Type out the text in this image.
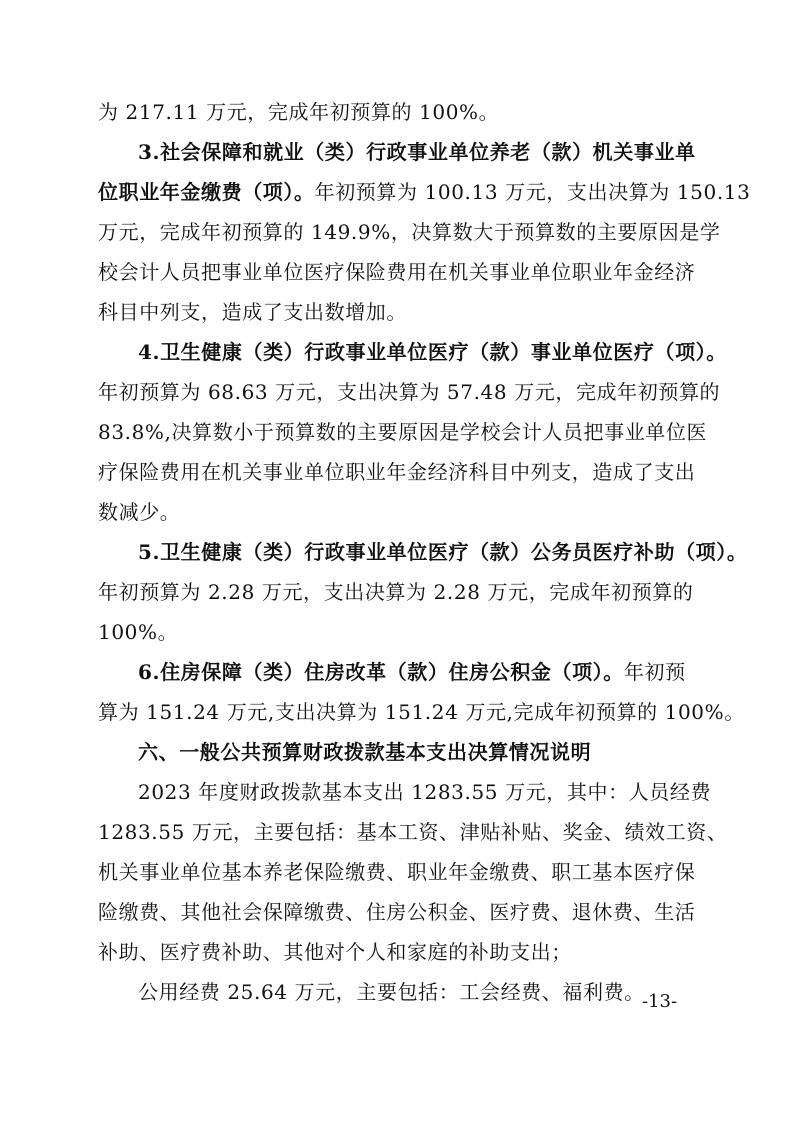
为 217.11 万元，完成年初预算的 100%。
3.社会保障和就业（类）行政事业单位养老（款）机关事业单
位职业年金缴费（项）。年初预算为 100.13 万元，支出决算为 150.13
万元，完成年初预算的 149.9%，决算数大于预算数的主要原因是学
校会计人员把事业单位医疗保险费用在机关事业单位职业年金经济
科目中列支，造成了支出数增加。
4.卫生健康（类）行政事业单位医疗（款）事业单位医疗（项）。
年初预算为 68.63 万元，支出决算为 57.48 万元，完成年初预算的
83.8%,决算数小于预算数的主要原因是学校会计人员把事业单位医
疗保险费用在机关事业单位职业年金经济科目中列支，造成了支出
数减少。
5.卫生健康（类）行政事业单位医疗（款）公务员医疗补助（项）。
年初预算为 2.28 万元，支出决算为 2.28 万元，完成年初预算的
100%。
6.住房保障（类）住房改革（款）住房公积金（项）。年初预
算为 151.24 万元,支出决算为 151.24 万元,完成年初预算的 100%。
六、一般公共预算财政拨款基本支出决算情况说明
2023 年度财政拨款基本支出 1283.55 万元，其中：人员经费
1283.55 万元，主要包括：基本工资、津贴补贴、奖金、绩效工资、
机关事业单位基本养老保险缴费、职业年金缴费、职工基本医疗保
险缴费、其他社会保障缴费、住房公积金、医疗费、退休费、生活
补助、医疗费补助、其他对个人和家庭的补助支出；
公用经费 25.64 万元，主要包括：工会经费、福利费。
-13-
